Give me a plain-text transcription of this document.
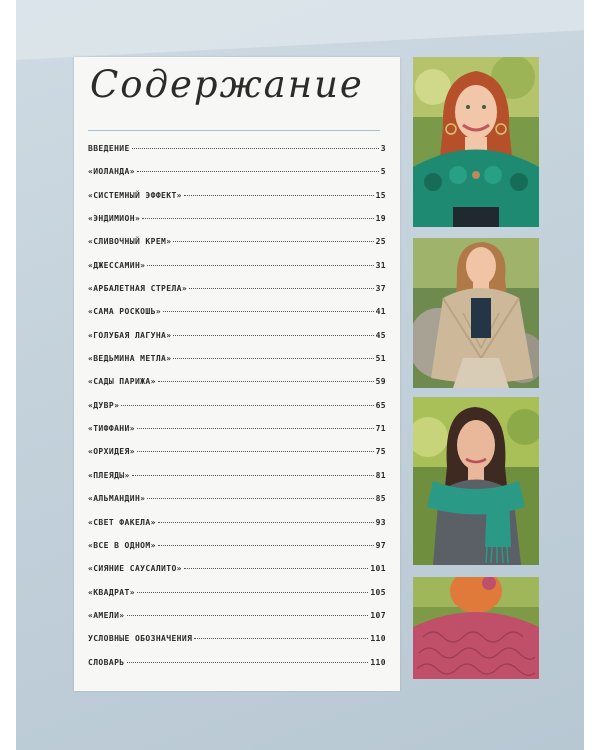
Содержание
ВВЕДЕНИЕ	3
«ИОЛАНДА»	5
«СИСТЕМНЫЙ ЭФФЕКТ»	15
«ЭНДИМИОН»	19
«СЛИВОЧНЫЙ КРЕМ»	25
«ДЖЕССАМИН»	31
«АРБАЛЕТНАЯ СТРЕЛА»	37
«САМА РОСКОШЬ»	41
«ГОЛУБАЯ ЛАГУНА»	45
«ВЕДЬМИНА МЕТЛА»	51
«САДЫ ПАРИЖА»	59
«ДУВР»	65
«ТИФФАНИ»	71
«ОРХИДЕЯ»	75
«ПЛЕЯДЫ»	81
«АЛЬМАНДИН»	85
«СВЕТ ФАКЕЛА»	93
«ВСЕ В ОДНОМ»	97
«СИЯНИЕ САУСАЛИТО»	101
«КВАДРАТ»	105
«АМЕЛИ»	107
УСЛОВНЫЕ ОБОЗНАЧЕНИЯ	110
СЛОВАРЬ	110
